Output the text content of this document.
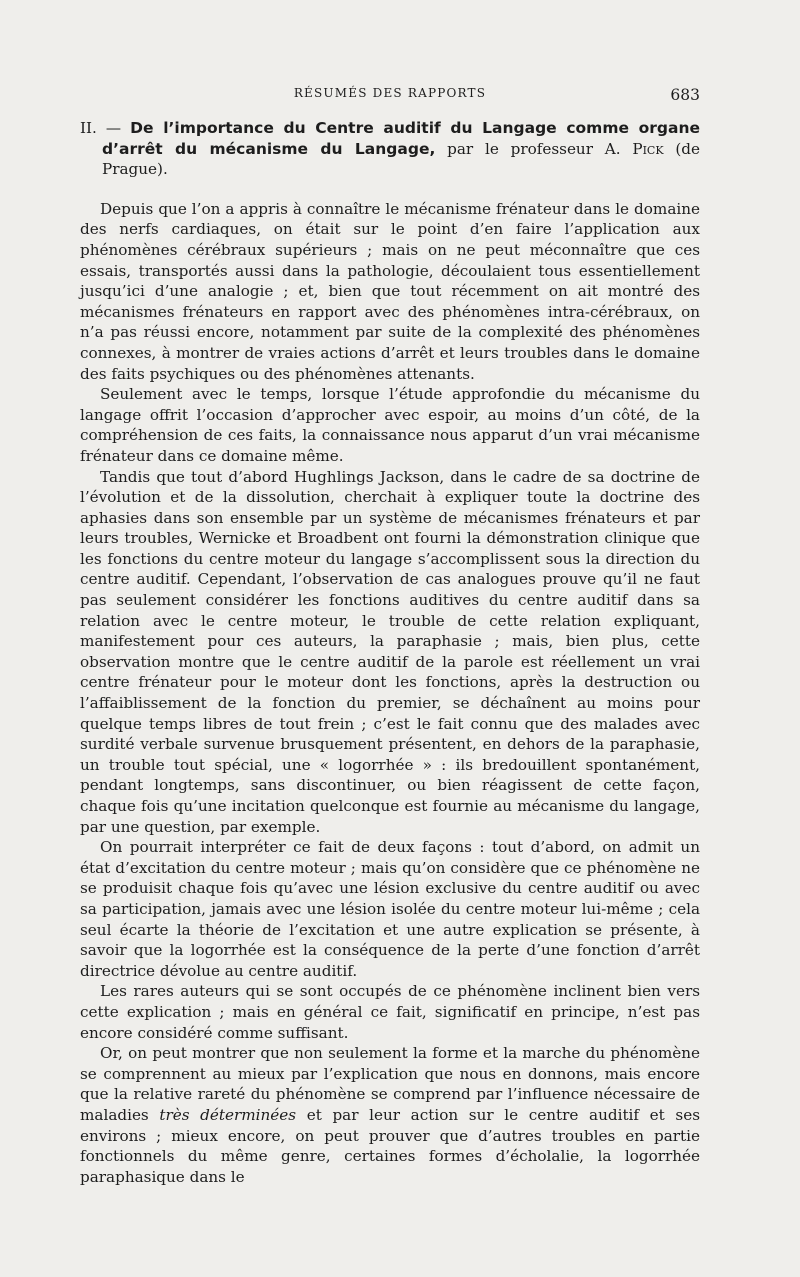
RÉSUMÉS DES RAPPORTS	683

II. — De l’importance du Centre auditif du Langage comme organe d’arrêt du mécanisme du Langage, par le professeur A. Pick (de Prague).

Depuis que l’on a appris à connaître le mécanisme frénateur dans le domaine des nerfs cardiaques, on était sur le point d’en faire l’application aux phénomènes cérébraux supérieurs ; mais on ne peut méconnaître que ces essais, transportés aussi dans la pathologie, découlaient tous essentiellement jusqu’ici d’une analogie ; et, bien que tout récemment on ait montré des mécanismes frénateurs en rapport avec des phénomènes intra-cérébraux, on n’a pas réussi encore, notamment par suite de la complexité des phénomènes connexes, à montrer de vraies actions d’arrêt et leurs troubles dans le domaine des faits psychiques ou des phénomènes attenants.

Seulement avec le temps, lorsque l’étude approfondie du mécanisme du langage offrit l’occasion d’approcher avec espoir, au moins d’un côté, de la compréhension de ces faits, la connaissance nous apparut d’un vrai mécanisme frénateur dans ce domaine même.

Tandis que tout d’abord Hughlings Jackson, dans le cadre de sa doctrine de l’évolution et de la dissolution, cherchait à expliquer toute la doctrine des aphasies dans son ensemble par un système de mécanismes frénateurs et par leurs troubles, Wernicke et Broadbent ont fourni la démonstration clinique que les fonctions du centre moteur du langage s’accomplissent sous la direction du centre auditif. Cependant, l’observation de cas analogues prouve qu’il ne faut pas seulement considérer les fonctions auditives du centre auditif dans sa relation avec le centre moteur, le trouble de cette relation expliquant, manifestement pour ces auteurs, la paraphasie ; mais, bien plus, cette observation montre que le centre auditif de la parole est réellement un vrai centre frénateur pour le moteur dont les fonctions, après la destruction ou l’affaiblissement de la fonction du premier, se déchaînent au moins pour quelque temps libres de tout frein ; c’est le fait connu que des malades avec surdité verbale survenue brusquement présentent, en dehors de la paraphasie, un trouble tout spécial, une « logorrhée » : ils bredouillent spontanément, pendant longtemps, sans discontinuer, ou bien réagissent de cette façon, chaque fois qu’une incitation quelconque est fournie au mécanisme du langage, par une question, par exemple.

On pourrait interpréter ce fait de deux façons : tout d’abord, on admit un état d’excitation du centre moteur ; mais qu’on considère que ce phénomène ne se produisit chaque fois qu’avec une lésion exclusive du centre auditif ou avec sa participation, jamais avec une lésion isolée du centre moteur lui-même ; cela seul écarte la théorie de l’excitation et une autre explication se présente, à savoir que la logorrhée est la conséquence de la perte d’une fonction d’arrêt directrice dévolue au centre auditif.

Les rares auteurs qui se sont occupés de ce phénomène inclinent bien vers cette explication ; mais en général ce fait, significatif en principe, n’est pas encore considéré comme suffisant.

Or, on peut montrer que non seulement la forme et la marche du phénomène se comprennent au mieux par l’explication que nous en donnons, mais encore que la relative rareté du phénomène se comprend par l’influence nécessaire de maladies très déterminées et par leur action sur le centre auditif et ses environs ; mieux encore, on peut prouver que d’autres troubles en partie fonctionnels du même genre, certaines formes d’écholalie, la logorrhée paraphasique dans le
